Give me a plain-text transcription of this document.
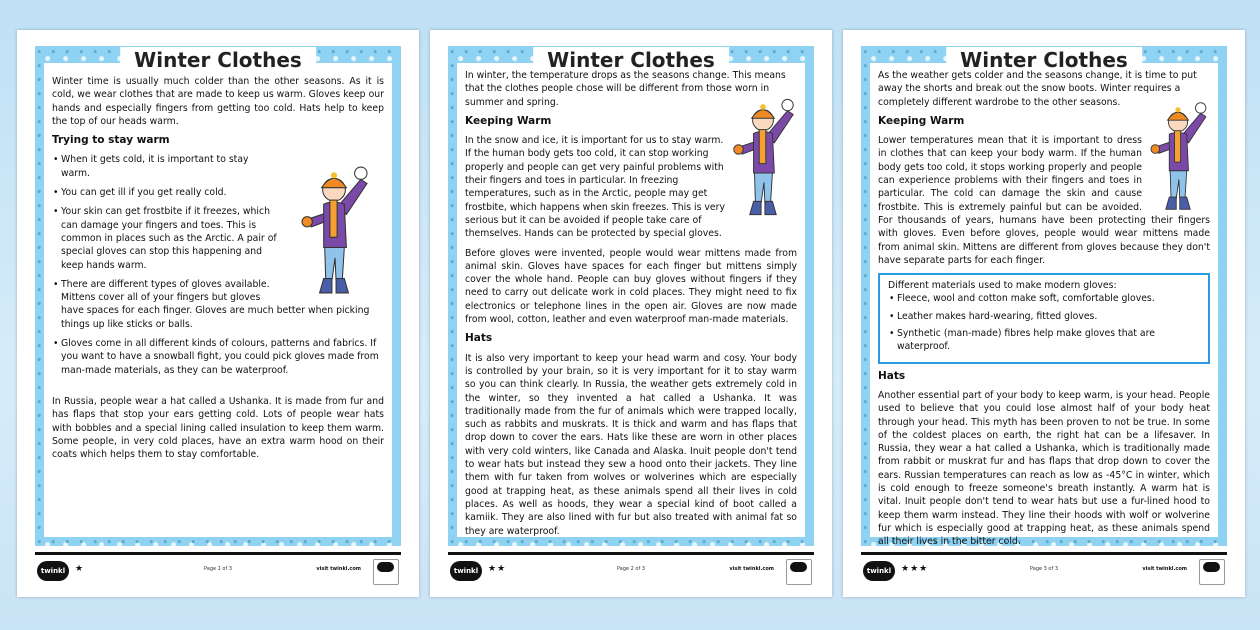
Winter Clothes

Winter time is usually much colder than the other seasons. As it is cold, we wear clothes that are made to keep us warm. Gloves keep our hands and especially fingers from getting too cold. Hats help to keep the top of our heads warm.

Trying to stay warm

• When it gets cold, it is important to stay warm.
• You can get ill if you get really cold.
• Your skin can get frostbite if it freezes, which can damage your fingers and toes. This is common in places such as the Arctic. A pair of special gloves can stop this happening and keep hands warm.
• There are different types of gloves available. Mittens cover all of your fingers but gloves have spaces for each finger. Gloves are much better when picking things up like sticks or balls.
• Gloves come in all different kinds of colours, patterns and fabrics. If you want to have a snowball fight, you could pick gloves made from man-made materials, as they can be waterproof.

In Russia, people wear a hat called a Ushanka. It is made from fur and has flaps that stop your ears getting cold. Lots of people wear hats with bobbles and a special lining called insulation to keep them warm. Some people, in very cold places, have an extra warm hood on their coats which helps them to stay comfortable.

twinkl	★	Page 1 of 3	visit twinkl.com
Winter Clothes

In winter, the temperature drops as the seasons change. This means that the clothes people chose will be different from those worn in summer and spring.

Keeping Warm

In the snow and ice, it is important for us to stay warm. If the human body gets too cold, it can stop working properly and people can get very painful problems with their fingers and toes in particular. In freezing temperatures, such as in the Arctic, people may get frostbite, which happens when skin freezes. This is very serious but it can be avoided if people take care of themselves. Hands can be protected by special gloves.

Before gloves were invented, people would wear mittens made from animal skin. Gloves have spaces for each finger but mittens simply cover the whole hand. People can buy gloves without fingers if they need to carry out delicate work in cold places. They might need to fix electronics or telephone lines in the open air. Gloves are now made from wool, cotton, leather and even waterproof man-made materials.

Hats

It is also very important to keep your head warm and cosy. Your body is controlled by your brain, so it is very important for it to stay warm so you can think clearly. In Russia, the weather gets extremely cold in the winter, so they invented a hat called a Ushanka. It was traditionally made from the fur of animals which were trapped locally, such as rabbits and muskrats. It is thick and warm and has flaps that drop down to cover the ears. Hats like these are worn in other places with very cold winters, like Canada and Alaska. Inuit people don't tend to wear hats but instead they sew a hood onto their jackets. They line them with fur taken from wolves or wolverines which are especially good at trapping heat, as these animals spend all their lives in cold places. As well as hoods, they wear a special kind of boot called a kamiik. They are also lined with fur but also treated with animal fat so they are waterproof.

twinkl	★★	Page 2 of 3	visit twinkl.com
Winter Clothes

As the weather gets colder and the seasons change, it is time to put away the shorts and break out the snow boots. Winter requires a completely different wardrobe to the other seasons.

Keeping Warm

Lower temperatures mean that it is important to dress in clothes that can keep your body warm. If the human body gets too cold, it stops working properly and people can experience problems with their fingers and toes in particular. The cold can damage the skin and cause frostbite. This is extremely painful but can be avoided. For thousands of years, humans have been protecting their fingers with gloves. Even before gloves, people would wear mittens made from animal skin. Mittens are different from gloves because they don't have separate parts for each finger.

Different materials used to make modern gloves:

• Fleece, wool and cotton make soft, comfortable gloves.
• Leather makes hard-wearing, fitted gloves.
• Synthetic (man-made) fibres help make gloves that are waterproof.

Hats

Another essential part of your body to keep warm, is your head. People used to believe that you could lose almost half of your body heat through your head. This myth has been proven to not be true. In some of the coldest places on earth, the right hat can be a lifesaver. In Russia, they wear a hat called a Ushanka, which is traditionally made from rabbit or muskrat fur and has flaps that drop down to cover the ears. Russian temperatures can reach as low as -45°C in winter, which is cold enough to freeze someone's breath instantly. A warm hat is vital. Inuit people don't tend to wear hats but use a fur-lined hood to keep them warm instead. They line their hoods with wolf or wolverine fur which is especially good at trapping heat, as these animals spend all their lives in the bitter cold.

twinkl	★★★	Page 3 of 3	visit twinkl.com
